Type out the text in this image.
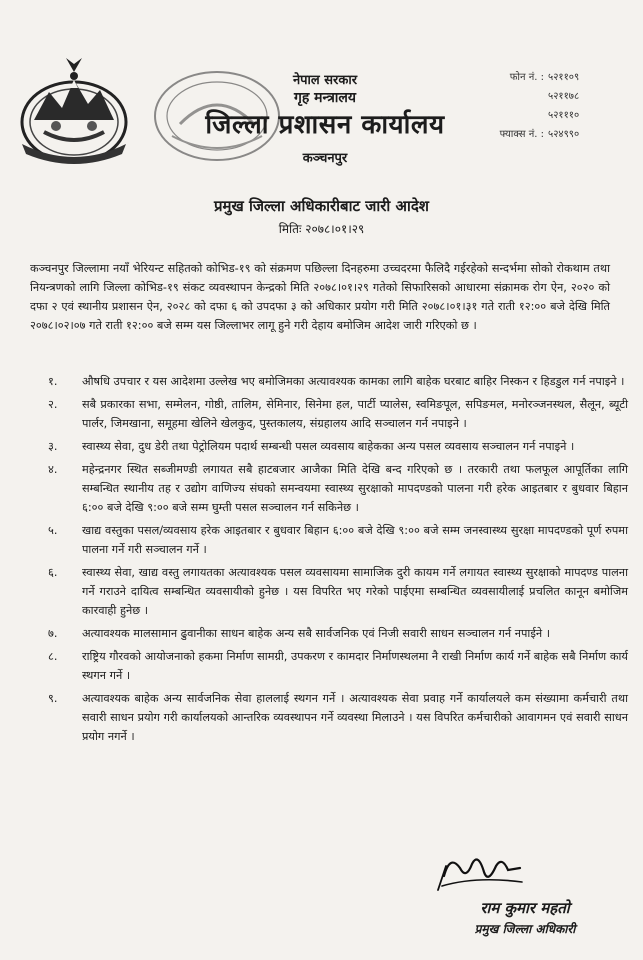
नेपाल सरकार
गृह मन्त्रालय
जिल्ला प्रशासन कार्यालय
कञ्चनपुर
फोन नं. : ५२११०९
५२११७८
५२१११०
फ्याक्स नं. : ५२४९९०
प्रमुख जिल्ला अधिकारीबाट जारी आदेश
मितिः २०७८।०१।२९

कञ्चनपुर जिल्लामा नयाँ भेरियन्ट सहितको कोभिड-१९ को संक्रमण पछिल्ला दिनहरुमा उच्चदरमा फैलिदै गईरहेको सन्दर्भमा सोको रोकथाम तथा नियन्त्रणको लागि जिल्ला कोभिड-१९ संकट व्यवस्थापन केन्द्रको मिति २०७८।०१।२९ गतेको सिफारिसको आधारमा संक्रामक रोग ऐन, २०२० को दफा २ एवं स्थानीय प्रशासन ऐन, २०२८ को दफा ६ को उपदफा ३ को अधिकार प्रयोग गरी मिति २०७८।०१।३१ गते राती १२:०० बजे देखि मिति २०७८।०२।०७ गते राती १२:०० बजे सम्म यस जिल्लाभर लागू हुने गरी देहाय बमोजिम आदेश जारी गरिएको छ ।

१.	औषधि उपचार र यस आदेशमा उल्लेख भए बमोजिमका अत्यावश्यक कामका लागि बाहेक घरबाट बाहिर निस्कन र हिडडुल गर्न नपाइने ।
२.	सबै प्रकारका सभा, सम्मेलन, गोष्ठी, तालिम, सेमिनार, सिनेमा हल, पार्टी प्यालेस, स्वमिङपूल, सपिङमल, मनोरञ्जनस्थल, सैलून, ब्यूटी पार्लर, जिमखाना, समूहमा खेलिने खेलकुद, पुस्तकालय, संग्रहालय आदि सञ्चालन गर्न नपाइने ।
३.	स्वास्थ्य सेवा, दुध डेरी तथा पेट्रोलियम पदार्थ सम्बन्धी पसल व्यवसाय बाहेकका अन्य पसल व्यवसाय सञ्चालन गर्न नपाइने ।
४.	महेन्द्रनगर स्थित सब्जीमण्डी लगायत सबै हाटबजार आजैका मिति देखि बन्द गरिएको छ । तरकारी तथा फलफूल आपूर्तिका लागि सम्बन्धित स्थानीय तह र उद्योग वाणिज्य संघको समन्वयमा स्वास्थ्य सुरक्षाको मापदण्डको पालना गरी हरेक आइतबार र बुधवार बिहान ६:०० बजे देखि ९:०० बजे सम्म घुम्ती पसल सञ्चालन गर्न सकिनेछ ।
५.	खाद्य वस्तुका पसल/व्यवसाय हरेक आइतबार र बुधवार बिहान ६:०० बजे देखि ९:०० बजे सम्म जनस्वास्थ्य सुरक्षा मापदण्डको पूर्ण रुपमा पालना गर्ने गरी सञ्चालन गर्ने ।
६.	स्वास्थ्य सेवा, खाद्य वस्तु लगायतका अत्यावश्यक पसल व्यवसायमा सामाजिक दुरी कायम गर्ने लगायत स्वास्थ्य सुरक्षाको मापदण्ड पालना गर्ने गराउने दायित्व सम्बन्धित व्यवसायीको हुनेछ । यस विपरित भए गरेको पाईएमा सम्बन्धित व्यवसायीलाई प्रचलित कानून बमोजिम कारवाही हुनेछ ।
७.	अत्यावश्यक मालसामान ढुवानीका साधन बाहेक अन्य सबै सार्वजनिक एवं निजी सवारी साधन सञ्चालन गर्न नपाईने ।
८.	राष्ट्रिय गौरवको आयोजनाको हकमा निर्माण सामग्री, उपकरण र कामदार निर्माणस्थलमा नै राखी निर्माण कार्य गर्ने बाहेक सबै निर्माण कार्य स्थगन गर्ने ।
९.	अत्यावश्यक बाहेक अन्य सार्वजनिक सेवा हाललाई स्थगन गर्ने । अत्यावश्यक सेवा प्रवाह गर्ने कार्यालयले कम संख्यामा कर्मचारी तथा सवारी साधन प्रयोग गरी कार्यालयको आन्तरिक व्यवस्थापन गर्ने व्यवस्था मिलाउने । यस विपरित कर्मचारीको आवागमन एवं सवारी साधन प्रयोग नगर्ने ।
राम कुमार महतो
प्रमुख जिल्ला अधिकारी
